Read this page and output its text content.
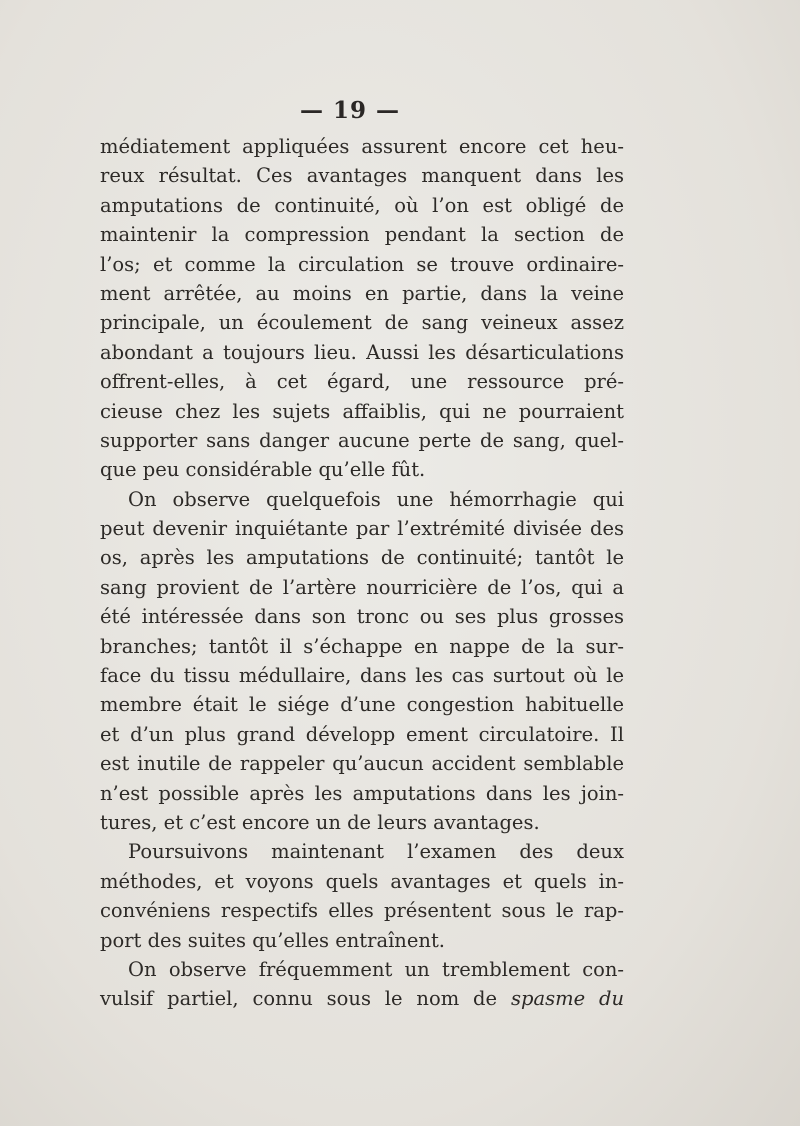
— 19 —
médiatement appliquées assurent encore cet heu-
reux résultat. Ces avantages manquent dans les
amputations de continuité, où l’on est obligé de
maintenir la compression pendant la section de
l’os; et comme la circulation se trouve ordinaire-
ment arrêtée, au moins en partie, dans la veine
principale, un écoulement de sang veineux assez
abondant a toujours lieu. Aussi les désarticulations
offrent-elles, à cet égard, une ressource pré-
cieuse chez les sujets affaiblis, qui ne pourraient
supporter sans danger aucune perte de sang, quel-
que peu considérable qu’elle fût.
On observe quelquefois une hémorrhagie qui
peut devenir inquiétante par l’extrémité divisée des
os, après les amputations de continuité; tantôt le
sang provient de l’artère nourricière de l’os, qui a
été intéressée dans son tronc ou ses plus grosses
branches; tantôt il s’échappe en nappe de la sur-
face du tissu médullaire, dans les cas surtout où le
membre était le siége d’une congestion habituelle
et d’un plus grand développ ement circulatoire. Il
est inutile de rappeler qu’aucun accident semblable
n’est possible après les amputations dans les join-
tures, et c’est encore un de leurs avantages.
Poursuivons maintenant l’examen des deux
méthodes, et voyons quels avantages et quels in-
convéniens respectifs elles présentent sous le rap-
port des suites qu’elles entraînent.
On observe fréquemment un tremblement con-
vulsif partiel, connu sous le nom de spasme du
